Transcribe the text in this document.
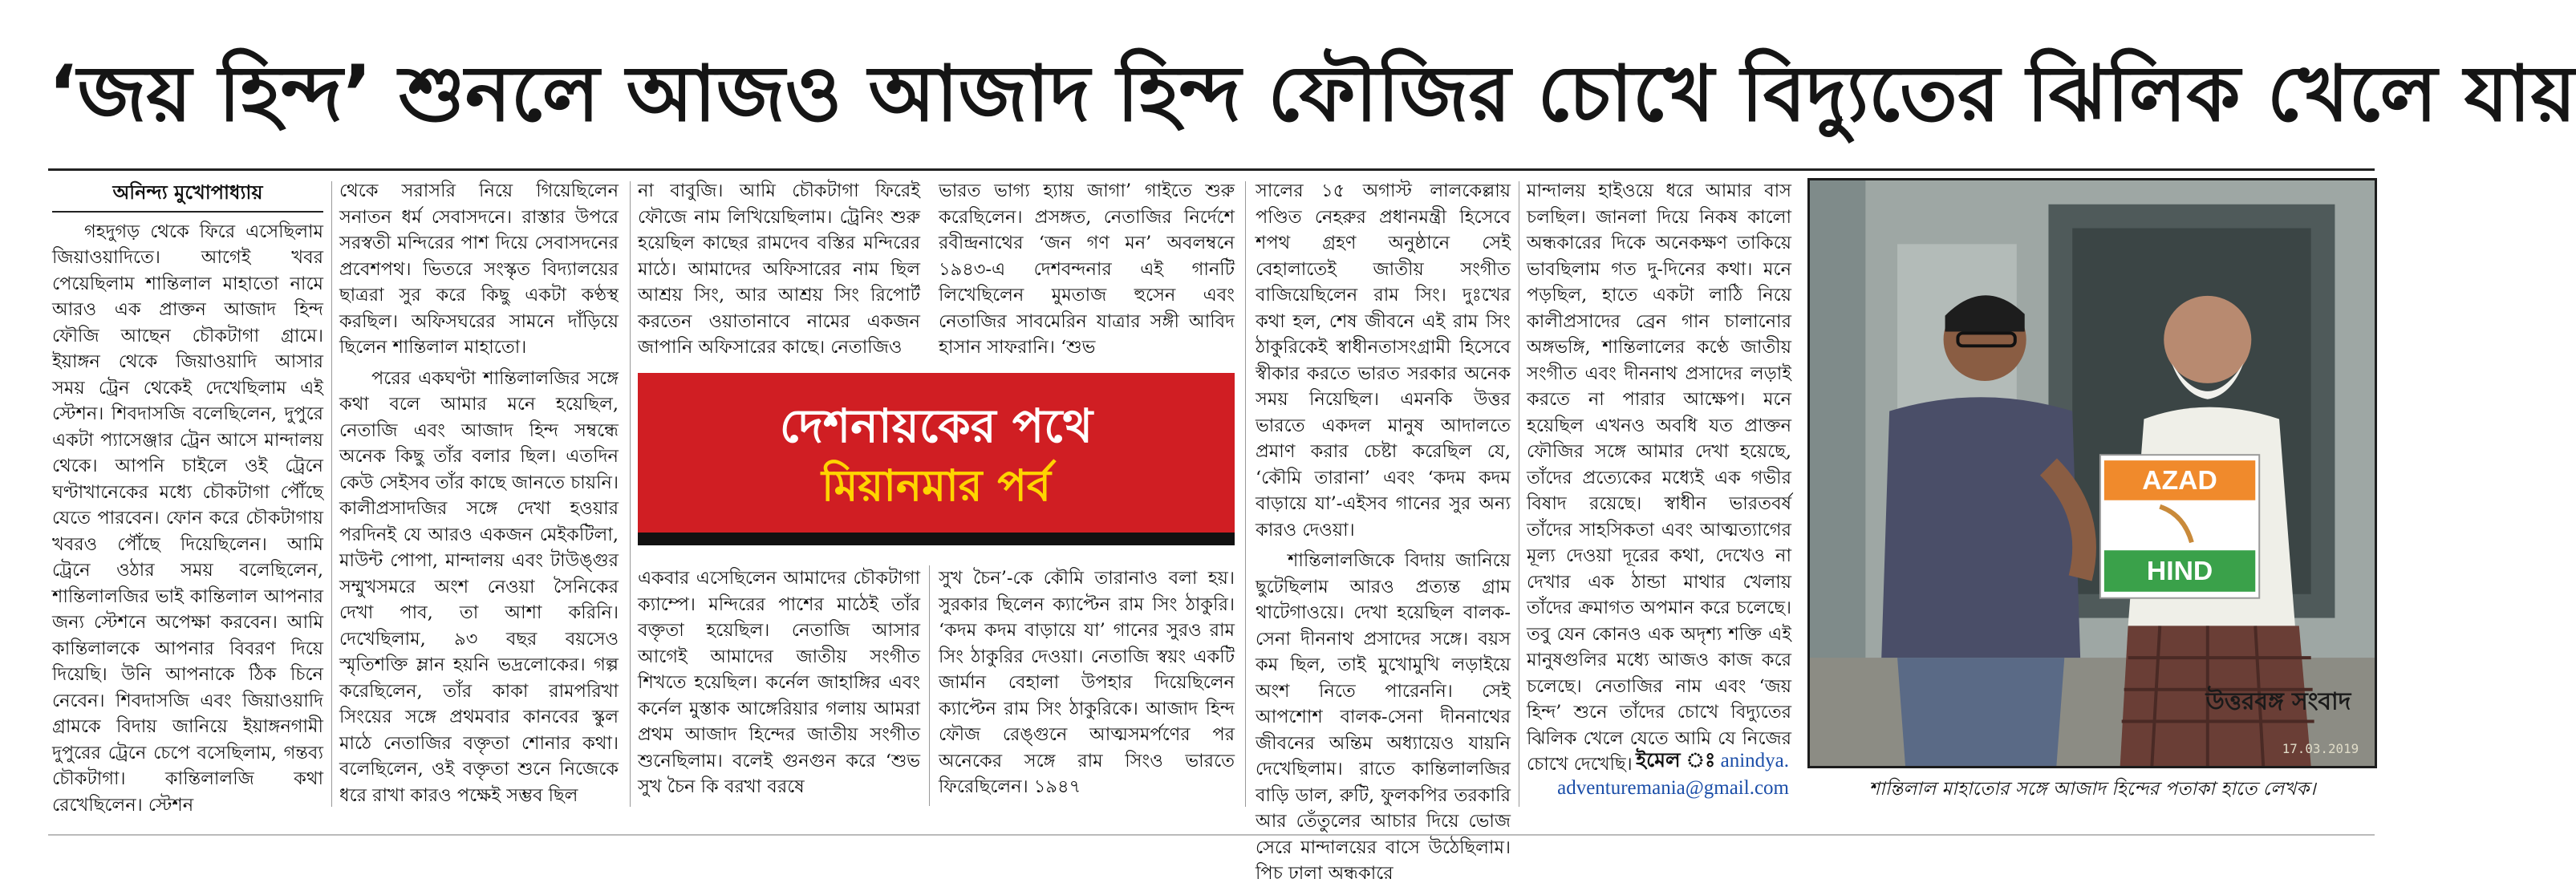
‘জয় হিন্দ’ শুনলে আজও আজাদ হিন্দ ফৌজির চোখে বিদ্যুতের ঝিলিক খেলে যায়
অনিন্দ্য মুখোপাধ্যায়

গহদুগড় থেকে ফিরে এসেছিলাম জিয়াওয়াদিতে। আগেই খবর পেয়েছিলাম শান্তিলাল মাহাতো নামে আরও এক প্রাক্তন আজাদ হিন্দ ফৌজি আছেন চৌকটাগা গ্রামে। ইয়াঙ্গন থেকে জিয়াওয়াদি আসার সময় ট্রেন থেকেই দেখেছিলাম এই স্টেশন। শিবদাসজি বলেছিলেন, দুপুরে একটা প্যাসেঞ্জার ট্রেন আসে মান্দালয় থেকে। আপনি চাইলে ওই ট্রেনে ঘণ্টাখানেকের মধ্যে চৌকটাগা পৌঁছে যেতে পারবেন। ফোন করে চৌকটাগায় খবরও পৌঁছে দিয়েছিলেন। আমি ট্রেনে ওঠার সময় বলেছিলেন, শান্তিলালজির ভাই কান্তিলাল আপনার জন্য স্টেশনে অপেক্ষা করবেন। আমি কান্তিলালকে আপনার বিবরণ দিয়ে দিয়েছি। উনি আপনাকে ঠিক চিনে নেবেন। শিবদাসজি এবং জিয়াওয়াদি গ্রামকে বিদায় জানিয়ে ইয়াঙ্গনগামী দুপুরের ট্রেনে চেপে বসেছিলাম, গন্তব্য চৌকটাগা। কান্তিলালজি কথা রেখেছিলেন। স্টেশন

থেকে সরাসরি নিয়ে গিয়েছিলেন সনাতন ধর্ম সেবাসদনে। রাস্তার উপরে সরস্বতী মন্দিরের পাশ দিয়ে সেবাসদনের প্রবেশপথ। ভিতরে সংস্কৃত বিদ্যালয়ের ছাত্ররা সুর করে কিছু একটা কণ্ঠস্থ করছিল। অফিসঘরের সামনে দাঁড়িয়ে ছিলেন শান্তিলাল মাহাতো।

পরের একঘণ্টা শান্তিলালজির সঙ্গে কথা বলে আমার মনে হয়েছিল, নেতাজি এবং আজাদ হিন্দ সম্বন্ধে অনেক কিছু তাঁর বলার ছিল। এতদিন কেউ সেইসব তাঁর কাছে জানতে চায়নি। কালীপ্রসাদজির সঙ্গে দেখা হওয়ার পরদিনই যে আরও একজন মেইকটিলা, মাউন্ট পোপা, মান্দালয় এবং টাউঙ্গুর সম্মুখসমরে অংশ নেওয়া সৈনিকের দেখা পাব, তা আশা করিনি। দেখেছিলাম, ৯৩ বছর বয়সেও স্মৃতিশক্তি ম্লান হয়নি ভদ্রলোকের। গল্প করেছিলেন, তাঁর কাকা রামপরিখা সিংয়ের সঙ্গে প্রথমবার কানবের স্কুল মাঠে নেতাজির বক্তৃতা শোনার কথা। বলেছিলেন, ওই বক্তৃতা শুনে নিজেকে ধরে রাখা কারও পক্ষেই সম্ভব ছিল

না বাবুজি। আমি চৌকটাগা ফিরেই ফৌজে নাম লিখিয়েছিলাম। ট্রেনিং শুরু হয়েছিল কাছের রামদেব বস্তির মন্দিরের মাঠে। আমাদের অফিসারের নাম ছিল আশ্রয় সিং, আর আশ্রয় সিং রিপোর্ট করতেন ওয়াতানাবে নামের একজন জাপানি অফিসারের কাছে। নেতাজিও

ভারত ভাগ্য হ্যায় জাগা’ গাইতে শুরু করেছিলেন। প্রসঙ্গত, নেতাজির নির্দেশে রবীন্দ্রনাথের ‘জন গণ মন’ অবলম্বনে ১৯৪৩-এ দেশবন্দনার এই গানটি লিখেছিলেন মুমতাজ হুসেন এবং নেতাজির সাবমেরিন যাত্রার সঙ্গী আবিদ হাসান সাফরানি। ‘শুভ

দেশনায়কের পথে
মিয়ানমার পর্ব

একবার এসেছিলেন আমাদের চৌকটাগা ক্যাম্পে। মন্দিরের পাশের মাঠেই তাঁর বক্তৃতা হয়েছিল। নেতাজি আসার আগেই আমাদের জাতীয় সংগীত শিখতে হয়েছিল। কর্নেল জাহাঙ্গির এবং কর্নেল মুস্তাক আঙ্গেরিয়ার গলায় আমরা প্রথম আজাদ হিন্দের জাতীয় সংগীত শুনেছিলাম। বলেই গুনগুন করে ‘শুভ সুখ চৈন কি বরখা বরষে

সুখ চৈন’-কে কৌমি তারানাও বলা হয়। সুরকার ছিলেন ক্যাপ্টেন রাম সিং ঠাকুরি। ‘কদম কদম বাড়ায়ে যা’ গানের সুরও রাম সিং ঠাকুরির দেওয়া। নেতাজি স্বয়ং একটি জার্মান বেহালা উপহার দিয়েছিলেন ক্যাপ্টেন রাম সিং ঠাকুরিকে। আজাদ হিন্দ ফৌজ রেঙ্গুনে আত্মসমর্পণের পর অনেকের সঙ্গে রাম সিংও ভারতে ফিরেছিলেন। ১৯৪৭

সালের ১৫ অগাস্ট লালকেল্লায় পণ্ডিত নেহরুর প্রধানমন্ত্রী হিসেবে শপথ গ্রহণ অনুষ্ঠানে সেই বেহালাতেই জাতীয় সংগীত বাজিয়েছিলেন রাম সিং। দুঃখের কথা হল, শেষ জীবনে এই রাম সিং ঠাকুরিকেই স্বাধীনতাসংগ্রামী হিসেবে স্বীকার করতে ভারত সরকার অনেক সময় নিয়েছিল। এমনকি উত্তর ভারতে একদল মানুষ আদালতে প্রমাণ করার চেষ্টা করেছিল যে, ‘কৌমি তারানা’ এবং ‘কদম কদম বাড়ায়ে যা’-এইসব গানের সুর অন্য কারও দেওয়া।

শান্তিলালজিকে বিদায় জানিয়ে ছুটেছিলাম আরও প্রত্যন্ত গ্রাম থাটেগাওয়ে। দেখা হয়েছিল বালক-সেনা দীননাথ প্রসাদের সঙ্গে। বয়স কম ছিল, তাই মুখোমুখি লড়াইয়ে অংশ নিতে পারেননি। সেই আপশোশ বালক-সেনা দীননাথের জীবনের অন্তিম অধ্যায়েও যায়নি দেখেছিলাম। রাতে কান্তিলালজির বাড়ি ডাল, রুটি, ফুলকপির তরকারি আর তেঁতুলের আচার দিয়ে ভোজ সেরে মান্দালয়ের বাসে উঠেছিলাম। পিচ ঢালা অন্ধকারে

মান্দালয় হাইওয়ে ধরে আমার বাস চলছিল। জানলা দিয়ে নিকষ কালো অন্ধকারের দিকে অনেকক্ষণ তাকিয়ে ভাবছিলাম গত দু-দিনের কথা। মনে পড়ছিল, হাতে একটা লাঠি নিয়ে কালীপ্রসাদের ব্রেন গান চালানোর অঙ্গভঙ্গি, শান্তিলালের কণ্ঠে জাতীয় সংগীত এবং দীননাথ প্রসাদের লড়াই করতে না পারার আক্ষেপ। মনে হয়েছিল এখনও অবধি যত প্রাক্তন ফৌজির সঙ্গে আমার দেখা হয়েছে, তাঁদের প্রত্যেকের মধ্যেই এক গভীর বিষাদ রয়েছে। স্বাধীন ভারতবর্ষ তাঁদের সাহসিকতা এবং আত্মত্যাগের মূল্য দেওয়া দূরের কথা, দেখেও না দেখার এক ঠান্ডা মাথার খেলায় তাঁদের ক্রমাগত অপমান করে চলেছে। তবু যেন কোনও এক অদৃশ্য শক্তি এই মানুষগুলির মধ্যে আজও কাজ করে চলেছে। নেতাজির নাম এবং ‘জয় হিন্দ’ শুনে তাঁদের চোখে বিদ্যুতের ঝিলিক খেলে যেতে আমি যে নিজের চোখে দেখেছি। ইমেল ঃ anindya.
adventuremania@gmail.com
AZAD
HIND
উত্তরবঙ্গ সংবাদ
17.03.2019
শান্তিলাল মাহাতোর সঙ্গে আজাদ হিন্দের পতাকা হাতে লেখক।
